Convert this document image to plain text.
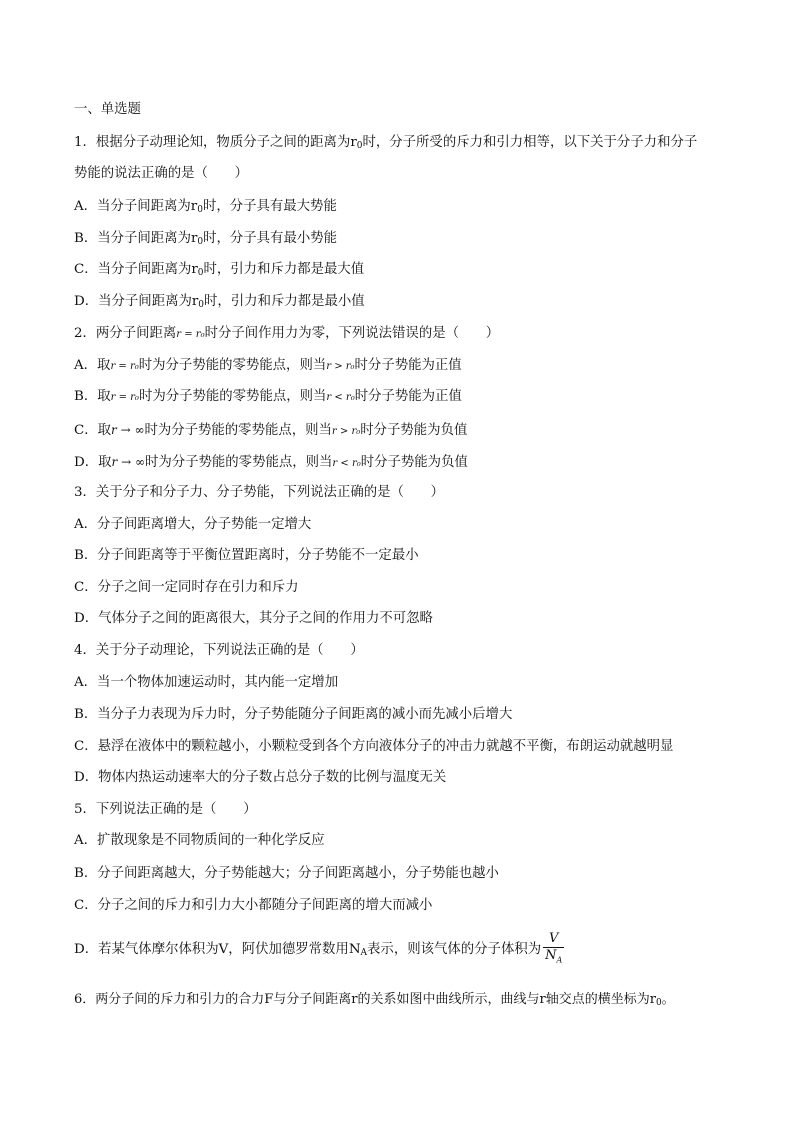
一、单选题
1．根据分子动理论知，物质分子之间的距离为$r_0$时，分子所受的斥力和引力相等，以下关于分子力和分子
势能的说法正确的是（　　）
A．当分子间距离为$r_0$时，分子具有最大势能
B．当分子间距离为$r_0$时，分子具有最小势能
C．当分子间距离为$r_0$时，引力和斥力都是最大值
D．当分子间距离为$r_0$时，引力和斥力都是最小值
2．两分子间距离r = r₀时分子间作用力为零，下列说法错误的是（　　）
A．取r = r₀时为分子势能的零势能点，则当r > r₀时分子势能为正值
B．取r = r₀时为分子势能的零势能点，则当r < r₀时分子势能为正值
C．取r → ∞时为分子势能的零势能点，则当r > r₀时分子势能为负值
D．取r → ∞时为分子势能的零势能点，则当r < r₀时分子势能为负值
3．关于分子和分子力、分子势能，下列说法正确的是（　　）
A．分子间距离增大，分子势能一定增大
B．分子间距离等于平衡位置距离时，分子势能不一定最小
C．分子之间一定同时存在引力和斥力
D．气体分子之间的距离很大，其分子之间的作用力不可忽略
4．关于分子动理论，下列说法正确的是（　　）
A．当一个物体加速运动时，其内能一定增加
B．当分子力表现为斥力时，分子势能随分子间距离的减小而先减小后增大
C．悬浮在液体中的颗粒越小，小颗粒受到各个方向液体分子的冲击力就越不平衡，布朗运动就越明显
D．物体内热运动速率大的分子数占总分子数的比例与温度无关
5．下列说法正确的是（　　）
A．扩散现象是不同物质间的一种化学反应
B．分子间距离越大，分子势能越大；分子间距离越小，分子势能也越小
C．分子之间的斥力和引力大小都随分子间距离的增大而减小
D．若某气体摩尔体积为V，阿伏加德罗常数用$N_A$表示，则该气体的分子体积为 $\frac{V}{N_A}$
6．两分子间的斥力和引力的合力F与分子间距离r的关系如图中曲线所示，曲线与r轴交点的横坐标为$r_0$。
